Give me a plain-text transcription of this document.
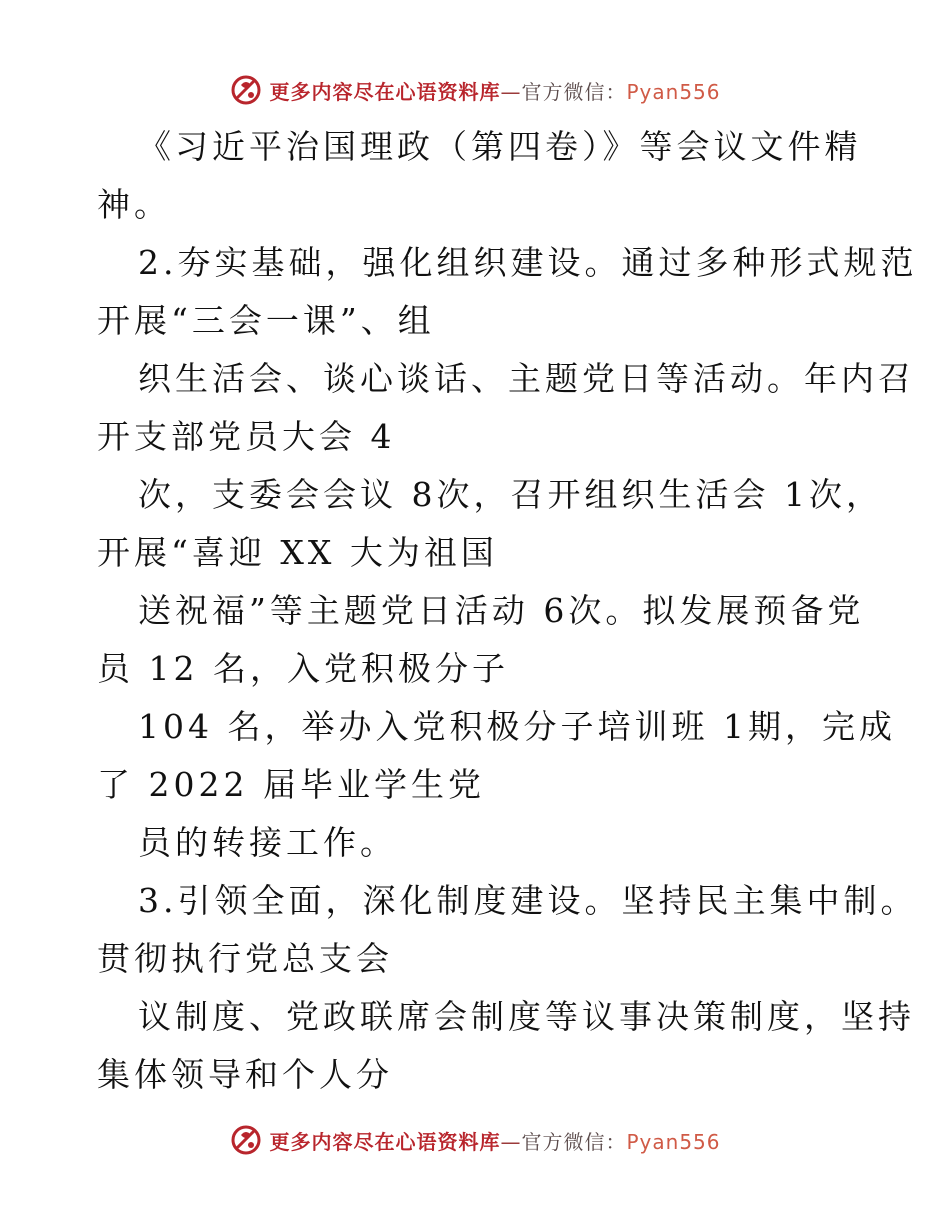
更多内容尽在心语资料库—官方微信：Pyan556
《习近平治国理政（第四卷）》等会议文件精
神。
2.夯实基础，强化组织建设。通过多种形式规范
开展“三会一课”、组
织生活会、谈心谈话、主题党日等活动。年内召
开支部党员大会 4
次，支委会会议 8次，召开组织生活会 1次，
开展“喜迎 XX 大为祖国
送祝福”等主题党日活动 6次。拟发展预备党
员 12 名，入党积极分子
104 名，举办入党积极分子培训班 1期，完成
了 2022 届毕业学生党
员的转接工作。
3.引领全面，深化制度建设。坚持民主集中制。
贯彻执行党总支会
议制度、党政联席会制度等议事决策制度，坚持
集体领导和个人分
更多内容尽在心语资料库—官方微信：Pyan556
